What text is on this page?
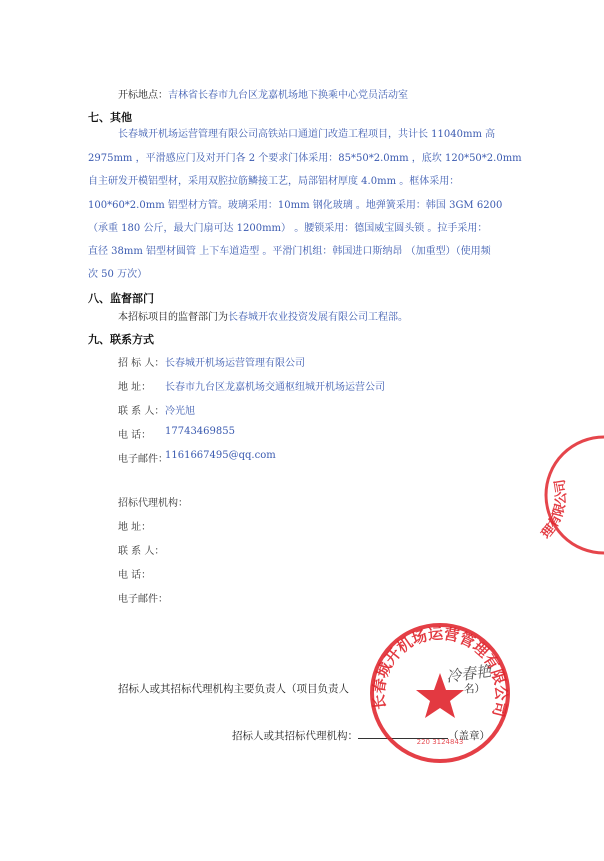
开标地点：吉林省长春市九台区龙嘉机场地下换乘中心党员活动室
七、其他
长春城开机场运营管理有限公司高铁站口通道门改造工程项目，共计长 11040mm 高
2975mm ，平滑感应门及对开门各 2 个要求门体采用：85*50*2.0mm ，底坎 120*50*2.0mm
自主研发开模铝型材，采用双腔拉筋鳞接工艺，局部铝材厚度 4.0mm 。框体采用：
100*60*2.0mm 铝型材方管。玻璃采用：10mm 钢化玻璃 。地弹簧采用：韩国 3GM 6200
（承重 180 公斤，最大门扇可达 1200mm） 。腰锁采用：德国威宝圆头锁 。拉手采用：
直径 38mm 铝型材圆管 上下车道造型 。平滑门机组：韩国进口斯纳昂 （加重型）（使用频
次 50 万次）
八、监督部门
本招标项目的监督部门为长春城开农业投资发展有限公司工程部。
九、联系方式
招 标 人： 长春城开机场运营管理有限公司
地 址： 长春市九台区龙嘉机场交通枢纽城开机场运营公司
联 系 人： 冷光旭
电 话： 17743469855
电子邮件：
1161667495@qq.com
招标代理机构：
地 址：
联 系 人：
电 话：
电子邮件：
招标人或其招标代理机构主要负责人（项目负责人	名）
招标人或其招标代理机构：	（盖章）
理有限公司
长春城开机场运营管理有限公司
220 3124843
冷春艳
